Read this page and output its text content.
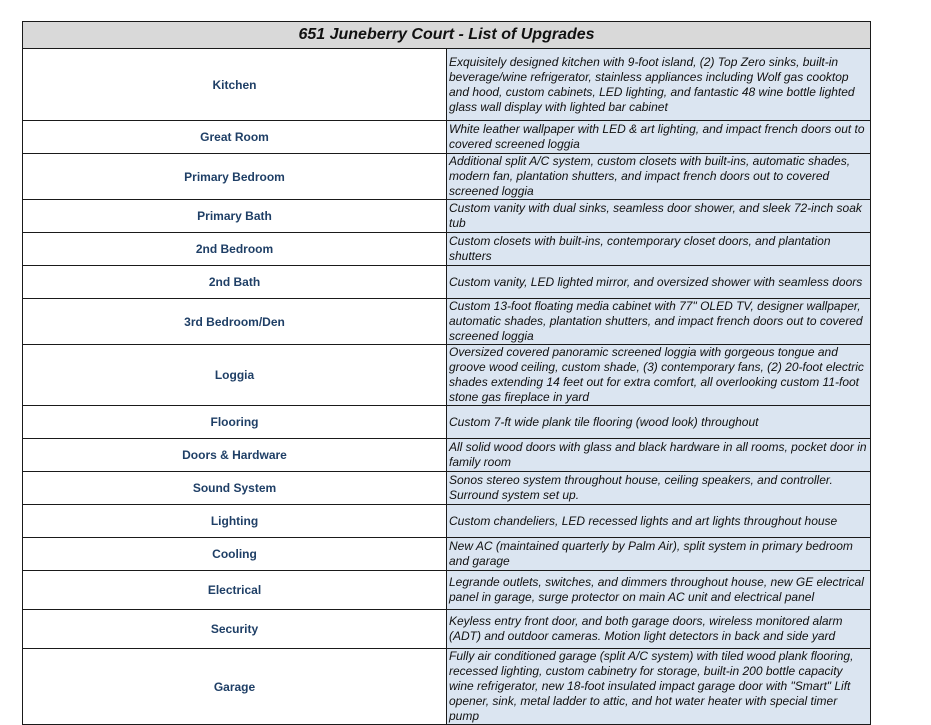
651 Juneberry Court - List of Upgrades	
Kitchen	Exquisitely designed kitchen with 9-foot island, (2) Top Zero sinks, built-in beverage/wine refrigerator, stainless appliances including Wolf gas cooktop and hood, custom cabinets, LED lighting, and fantastic 48 wine bottle lighted glass wall display with lighted bar cabinet
Great Room	White leather wallpaper with LED & art lighting, and impact french doors out to covered screened loggia
Primary Bedroom	Additional split A/C system, custom closets with built-ins, automatic shades, modern fan, plantation shutters, and impact french doors out to covered screened loggia
Primary Bath	Custom vanity with dual sinks, seamless door shower, and sleek 72-inch soak tub
2nd Bedroom	Custom closets with built-ins, contemporary closet doors, and plantation shutters
2nd Bath	Custom vanity, LED lighted mirror, and oversized shower with seamless doors
3rd Bedroom/Den	Custom 13-foot floating media cabinet with 77" OLED TV, designer wallpaper, automatic shades, plantation shutters, and impact french doors out to covered screened loggia
Loggia	Oversized covered panoramic screened loggia with gorgeous tongue and groove wood ceiling, custom shade, (3) contemporary fans, (2) 20-foot electric shades extending 14 feet out for extra comfort, all overlooking custom 11-foot stone gas fireplace in yard
Flooring	Custom 7-ft wide plank tile flooring (wood look) throughout
Doors & Hardware	All solid wood doors with glass and black hardware in all rooms, pocket door in family room
Sound System	Sonos stereo system throughout house, ceiling speakers, and controller. Surround system set up.
Lighting	Custom chandeliers, LED recessed lights and art lights throughout house
Cooling	New AC (maintained quarterly by Palm Air), split system in primary bedroom and garage
Electrical	Legrande outlets, switches, and dimmers throughout house, new GE electrical panel in garage, surge protector on main AC unit and electrical panel
Security	Keyless entry front door, and both garage doors, wireless monitored alarm (ADT) and outdoor cameras. Motion light detectors in back and side yard
Garage	Fully air conditioned garage (split A/C system) with tiled wood plank flooring, recessed lighting, custom cabinetry for storage, built-in 200 bottle capacity wine refrigerator, new 18-foot insulated impact garage door with "Smart" Lift opener, sink, metal ladder to attic, and hot water heater with special timer pump
